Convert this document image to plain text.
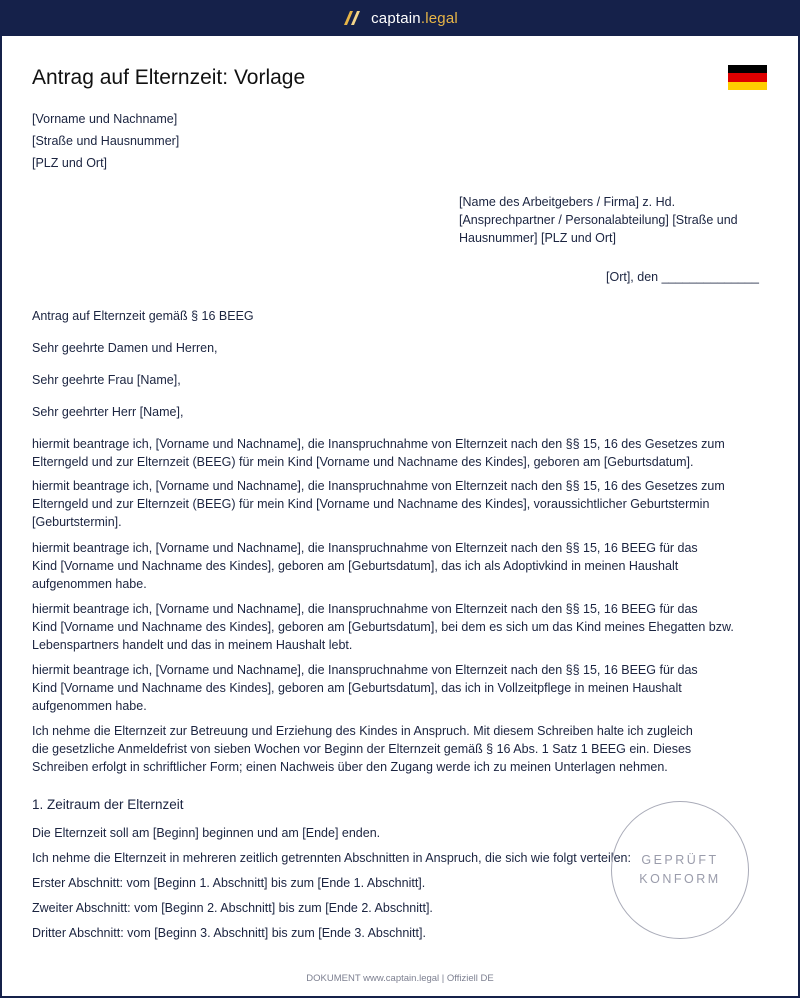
captain.legal
Antrag auf Elternzeit: Vorlage
[Vorname und Nachname]
[Straße und Hausnummer]
[PLZ und Ort]
[Name des Arbeitgebers / Firma] z. Hd.
[Ansprechpartner / Personalabteilung] [Straße und
Hausnummer] [PLZ und Ort]
[Ort], den ______________
Antrag auf Elternzeit gemäß § 16 BEEG
Sehr geehrte Damen und Herren,
Sehr geehrte Frau [Name],
Sehr geehrter Herr [Name],
hiermit beantrage ich, [Vorname und Nachname], die Inanspruchnahme von Elternzeit nach den §§ 15, 16 des Gesetzes zum
Elterngeld und zur Elternzeit (BEEG) für mein Kind [Vorname und Nachname des Kindes], geboren am [Geburtsdatum].
hiermit beantrage ich, [Vorname und Nachname], die Inanspruchnahme von Elternzeit nach den §§ 15, 16 des Gesetzes zum
Elterngeld und zur Elternzeit (BEEG) für mein Kind [Vorname und Nachname des Kindes], voraussichtlicher Geburtstermin
[Geburtstermin].
hiermit beantrage ich, [Vorname und Nachname], die Inanspruchnahme von Elternzeit nach den §§ 15, 16 BEEG für das
Kind [Vorname und Nachname des Kindes], geboren am [Geburtsdatum], das ich als Adoptivkind in meinen Haushalt
aufgenommen habe.
hiermit beantrage ich, [Vorname und Nachname], die Inanspruchnahme von Elternzeit nach den §§ 15, 16 BEEG für das
Kind [Vorname und Nachname des Kindes], geboren am [Geburtsdatum], bei dem es sich um das Kind meines Ehegatten bzw.
Lebenspartners handelt und das in meinem Haushalt lebt.
hiermit beantrage ich, [Vorname und Nachname], die Inanspruchnahme von Elternzeit nach den §§ 15, 16 BEEG für das
Kind [Vorname und Nachname des Kindes], geboren am [Geburtsdatum], das ich in Vollzeitpflege in meinen Haushalt
aufgenommen habe.
Ich nehme die Elternzeit zur Betreuung und Erziehung des Kindes in Anspruch. Mit diesem Schreiben halte ich zugleich
die gesetzliche Anmeldefrist von sieben Wochen vor Beginn der Elternzeit gemäß § 16 Abs. 1 Satz 1 BEEG ein. Dieses
Schreiben erfolgt in schriftlicher Form; einen Nachweis über den Zugang werde ich zu meinen Unterlagen nehmen.
1. Zeitraum der Elternzeit
Die Elternzeit soll am [Beginn] beginnen und am [Ende] enden.
Ich nehme die Elternzeit in mehreren zeitlich getrennten Abschnitten in Anspruch, die sich wie folgt verteilen:
Erster Abschnitt: vom [Beginn 1. Abschnitt] bis zum [Ende 1. Abschnitt].
Zweiter Abschnitt: vom [Beginn 2. Abschnitt] bis zum [Ende 2. Abschnitt].
Dritter Abschnitt: vom [Beginn 3. Abschnitt] bis zum [Ende 3. Abschnitt].
GEPRÜFT
KONFORM
DOKUMENT www.captain.legal | Offiziell DE
